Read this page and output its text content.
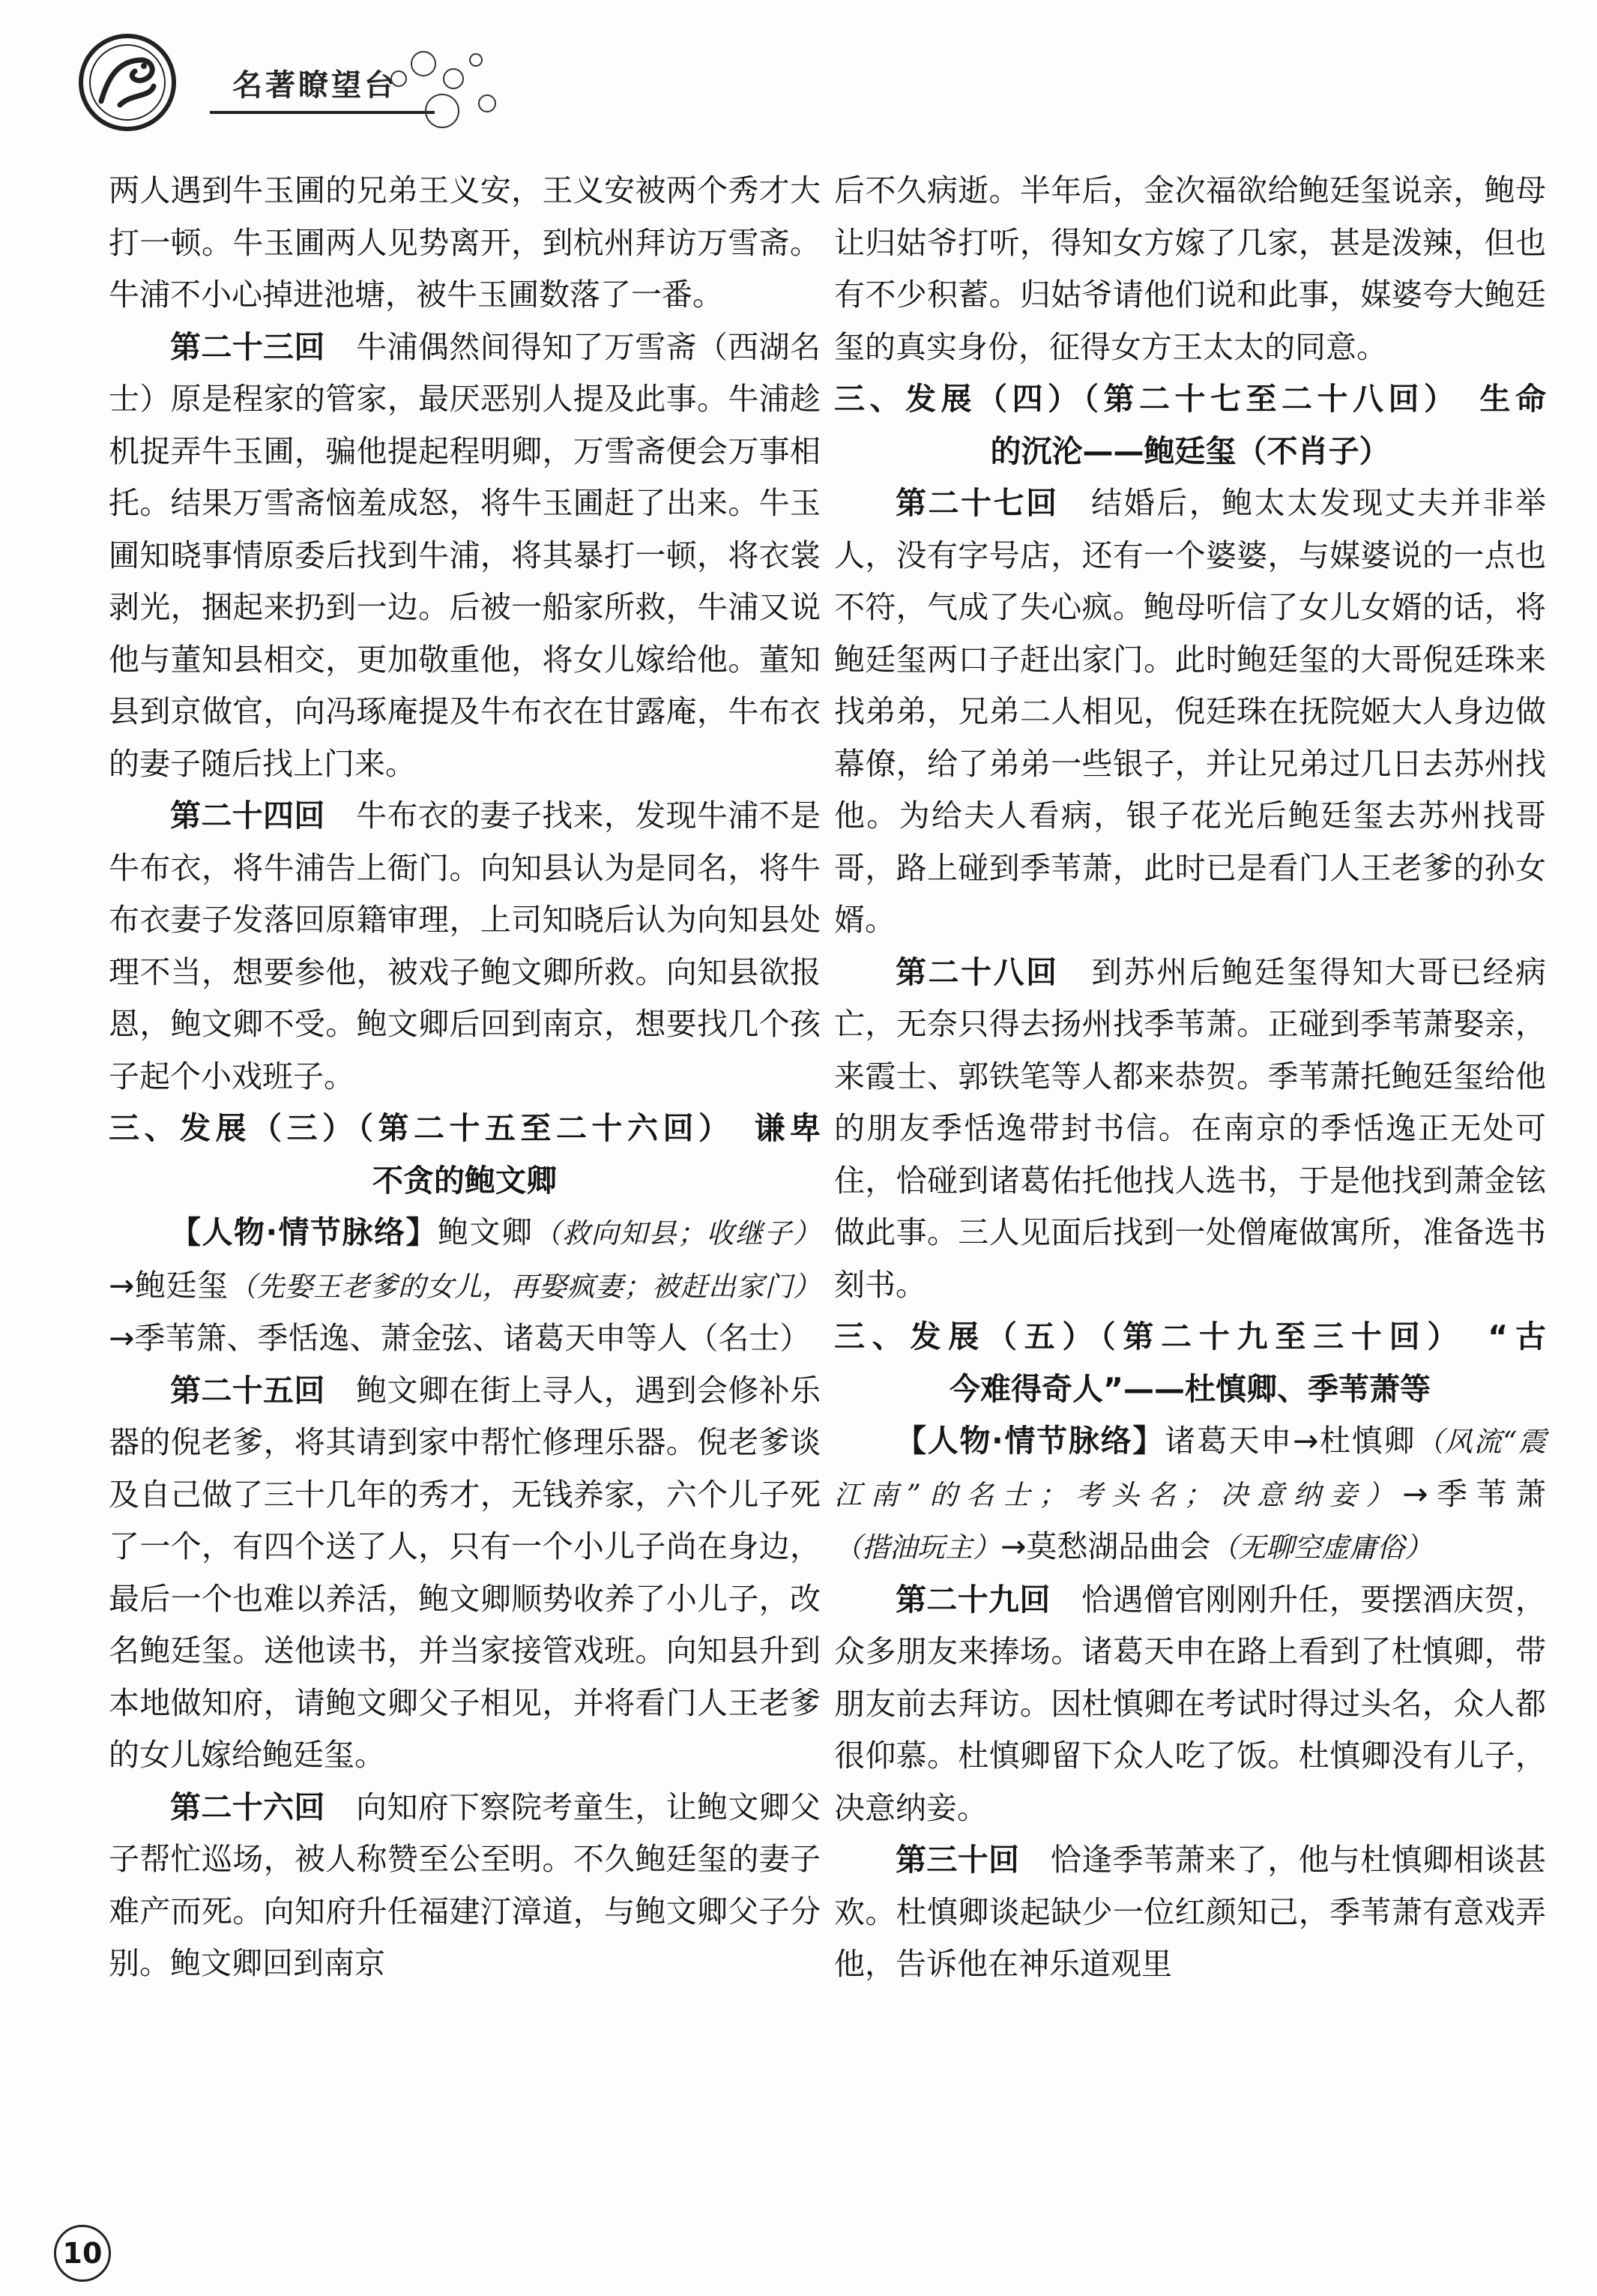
名著瞭望台

两人遇到牛玉圃的兄弟王义安，王义安被两个秀才大打一顿。牛玉圃两人见势离开，到杭州拜访万雪斋。牛浦不小心掉进池塘，被牛玉圃数落了一番。

第二十三回　 牛浦偶然间得知了万雪斋（西湖名士）原是程家的管家，最厌恶别人提及此事。牛浦趁机捉弄牛玉圃，骗他提起程明卿，万雪斋便会万事相托。结果万雪斋恼羞成怒，将牛玉圃赶了出来。牛玉圃知晓事情原委后找到牛浦，将其暴打一顿，将衣裳剥光，捆起来扔到一边。后被一船家所救，牛浦又说他与董知县相交，更加敬重他，将女儿嫁给他。董知县到京做官，向冯琢庵提及牛布衣在甘露庵，牛布衣的妻子随后找上门来。

第二十四回　 牛布衣的妻子找来，发现牛浦不是牛布衣，将牛浦告上衙门。向知县认为是同名，将牛布衣妻子发落回原籍审理，上司知晓后认为向知县处理不当，想要参他，被戏子鲍文卿所救。向知县欲报恩，鲍文卿不受。鲍文卿后回到南京，想要找几个孩子起个小戏班子。

三、发展（三）（第二十五至二十六回）　谦卑
不贪的鲍文卿

【人物·情节脉络】鲍文卿（救向知县；收继子）→鲍廷玺（先娶王老爹的女儿，再娶疯妻；被赶出家门）→季苇箫、季恬逸、萧金弦、诸葛天申等人（名士）

第二十五回　 鲍文卿在街上寻人，遇到会修补乐器的倪老爹，将其请到家中帮忙修理乐器。倪老爹谈及自己做了三十几年的秀才，无钱养家，六个儿子死了一个，有四个送了人，只有一个小儿子尚在身边，最后一个也难以养活，鲍文卿顺势收养了小儿子，改名鲍廷玺。送他读书，并当家接管戏班。向知县升到本地做知府，请鲍文卿父子相见，并将看门人王老爹的女儿嫁给鲍廷玺。

第二十六回　 向知府下察院考童生，让鲍文卿父子帮忙巡场，被人称赞至公至明。不久鲍廷玺的妻子难产而死。向知府升任福建汀漳道，与鲍文卿父子分别。鲍文卿回到南京

后不久病逝。半年后，金次福欲给鲍廷玺说亲，鲍母让归姑爷打听，得知女方嫁了几家，甚是泼辣，但也有不少积蓄。归姑爷请他们说和此事，媒婆夸大鲍廷玺的真实身份，征得女方王太太的同意。

三、发展（四）（第二十七至二十八回）　生命
的沉沦——鲍廷玺（不肖子）

第二十七回　 结婚后，鲍太太发现丈夫并非举人，没有字号店，还有一个婆婆，与媒婆说的一点也不符，气成了失心疯。鲍母听信了女儿女婿的话，将鲍廷玺两口子赶出家门。此时鲍廷玺的大哥倪廷珠来找弟弟，兄弟二人相见，倪廷珠在抚院姬大人身边做幕僚，给了弟弟一些银子，并让兄弟过几日去苏州找他。为给夫人看病，银子花光后鲍廷玺去苏州找哥哥，路上碰到季苇萧，此时已是看门人王老爹的孙女婿。

第二十八回　 到苏州后鲍廷玺得知大哥已经病亡，无奈只得去扬州找季苇萧。正碰到季苇萧娶亲，来霞士、郭铁笔等人都来恭贺。季苇萧托鲍廷玺给他的朋友季恬逸带封书信。在南京的季恬逸正无处可住，恰碰到诸葛佑托他找人选书，于是他找到萧金铉做此事。三人见面后找到一处僧庵做寓所，准备选书刻书。

三、发展（五）（第二十九至三十回）　“古
今难得奇人”——杜慎卿、季苇萧等

【人物·情节脉络】诸葛天申→杜慎卿（风流“震江南”的名士；考头名；决意纳妾）→季苇萧（揩油玩主）→莫愁湖品曲会（无聊空虚庸俗）

第二十九回　 恰遇僧官刚刚升任，要摆酒庆贺，众多朋友来捧场。诸葛天申在路上看到了杜慎卿，带朋友前去拜访。因杜慎卿在考试时得过头名，众人都很仰慕。杜慎卿留下众人吃了饭。杜慎卿没有儿子，决意纳妾。

第三十回　 恰逢季苇萧来了，他与杜慎卿相谈甚欢。杜慎卿谈起缺少一位红颜知己，季苇萧有意戏弄他，告诉他在神乐道观里

10
